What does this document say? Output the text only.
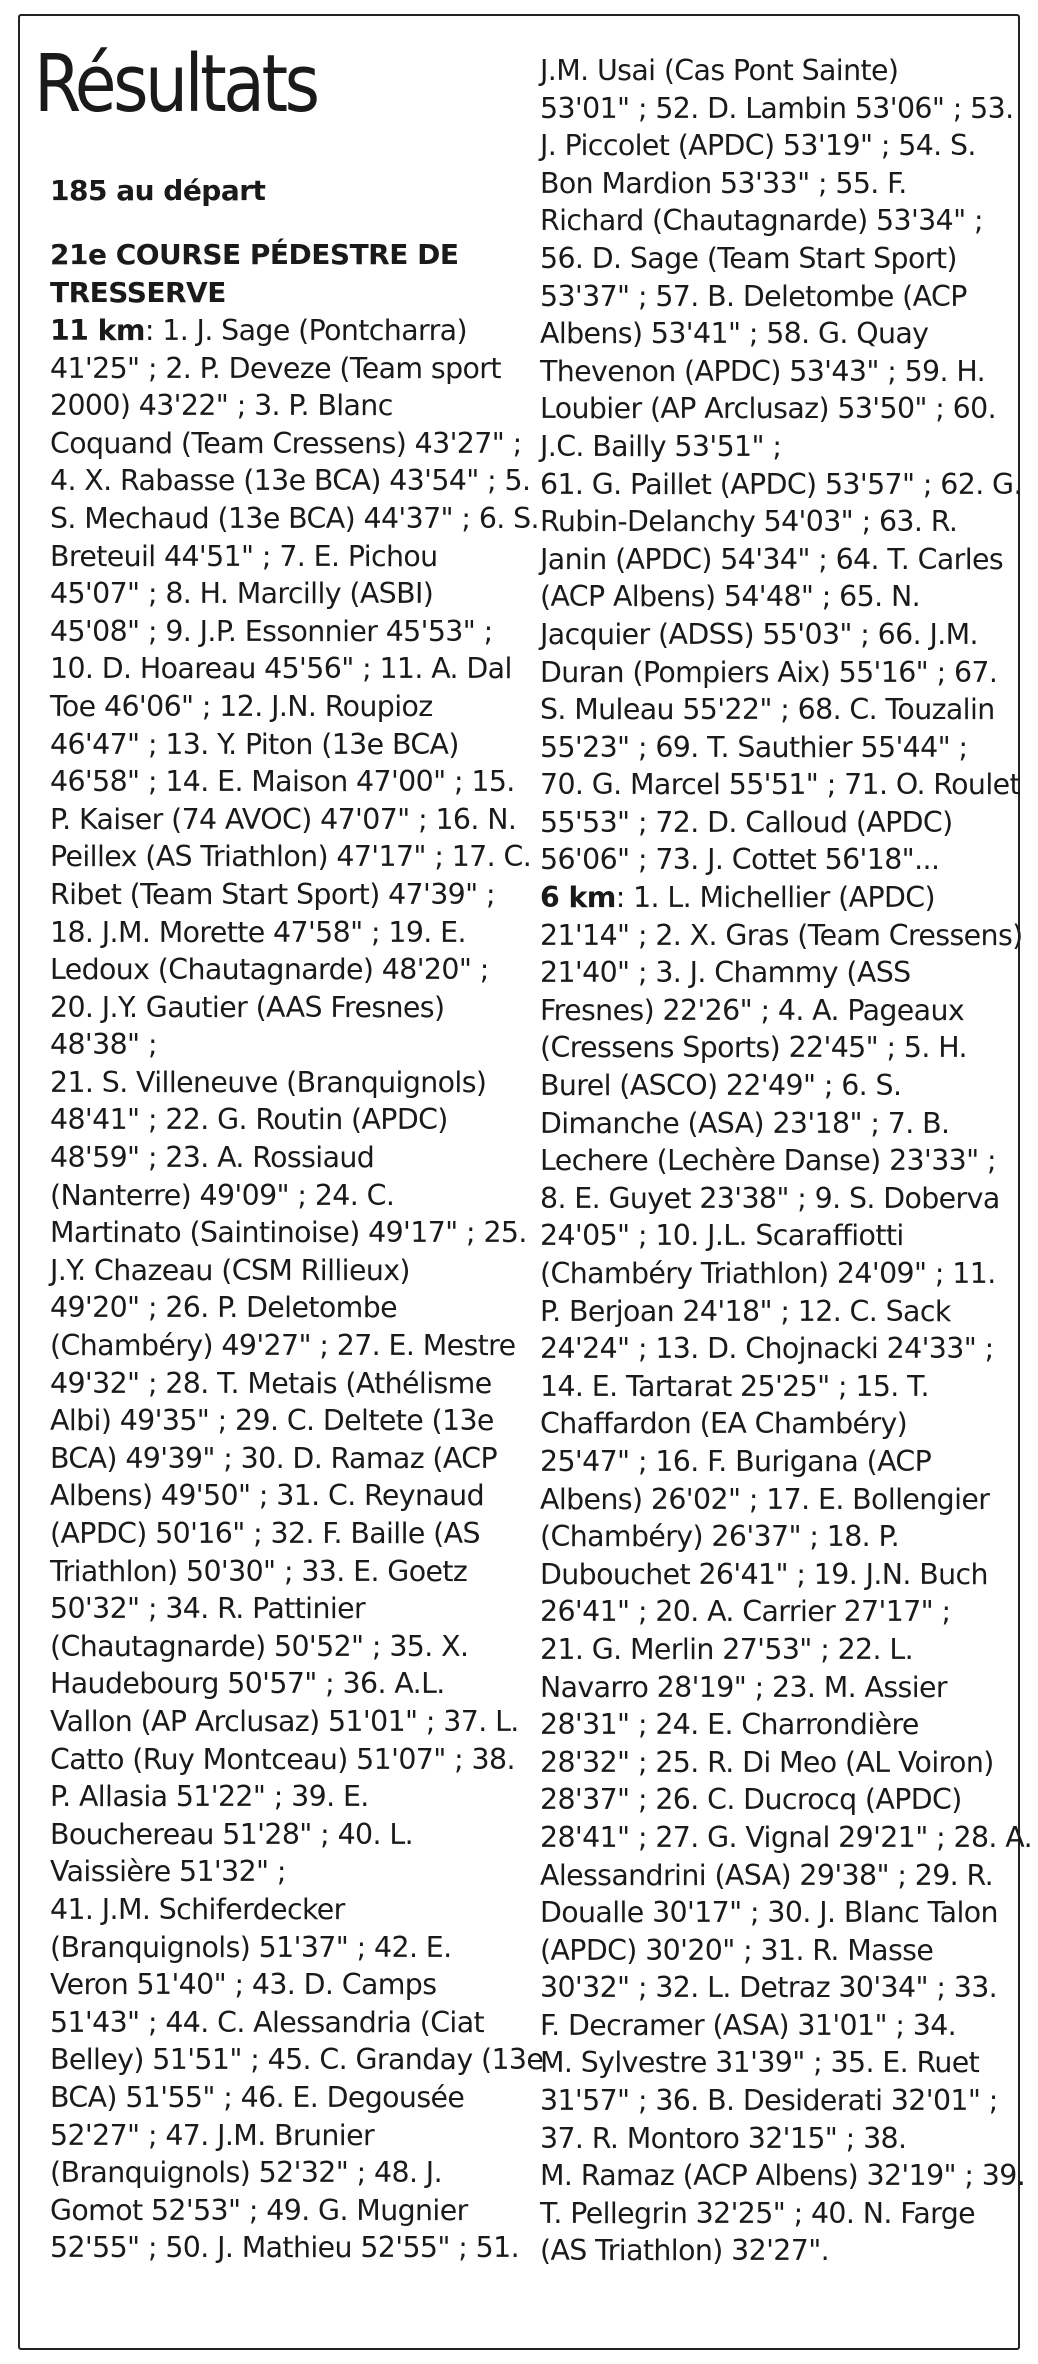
Résultats
185 au départ
21e COURSE PÉDESTRE DE
TRESSERVE
11 km: 1. J. Sage (Pontcharra)
41'25" ; 2. P. Deveze (Team sport
2000) 43'22" ; 3. P. Blanc
Coquand (Team Cressens) 43'27" ;
4. X. Rabasse (13e BCA) 43'54" ; 5.
S. Mechaud (13e BCA) 44'37" ; 6. S.
Breteuil 44'51" ; 7. E. Pichou
45'07" ; 8. H. Marcilly (ASBI)
45'08" ; 9. J.P. Essonnier 45'53" ;
10. D. Hoareau 45'56" ; 11. A. Dal
Toe 46'06" ; 12. J.N. Roupioz
46'47" ; 13. Y. Piton (13e BCA)
46'58" ; 14. E. Maison 47'00" ; 15.
P. Kaiser (74 AVOC) 47'07" ; 16. N.
Peillex (AS Triathlon) 47'17" ; 17. C.
Ribet (Team Start Sport) 47'39" ;
18. J.M. Morette 47'58" ; 19. E.
Ledoux (Chautagnarde) 48'20" ;
20. J.Y. Gautier (AAS Fresnes)
48'38" ;
21. S. Villeneuve (Branquignols)
48'41" ; 22. G. Routin (APDC)
48'59" ; 23. A. Rossiaud
(Nanterre) 49'09" ; 24. C.
Martinato (Saintinoise) 49'17" ; 25.
J.Y. Chazeau (CSM Rillieux)
49'20" ; 26. P. Deletombe
(Chambéry) 49'27" ; 27. E. Mestre
49'32" ; 28. T. Metais (Athélisme
Albi) 49'35" ; 29. C. Deltete (13e
BCA) 49'39" ; 30. D. Ramaz (ACP
Albens) 49'50" ; 31. C. Reynaud
(APDC) 50'16" ; 32. F. Baille (AS
Triathlon) 50'30" ; 33. E. Goetz
50'32" ; 34. R. Pattinier
(Chautagnarde) 50'52" ; 35. X.
Haudebourg 50'57" ; 36. A.L.
Vallon (AP Arclusaz) 51'01" ; 37. L.
Catto (Ruy Montceau) 51'07" ; 38.
P. Allasia 51'22" ; 39. E.
Bouchereau 51'28" ; 40. L.
Vaissière 51'32" ;
41. J.M. Schiferdecker
(Branquignols) 51'37" ; 42. E.
Veron 51'40" ; 43. D. Camps
51'43" ; 44. C. Alessandria (Ciat
Belley) 51'51" ; 45. C. Granday (13e
BCA) 51'55" ; 46. E. Degousée
52'27" ; 47. J.M. Brunier
(Branquignols) 52'32" ; 48. J.
Gomot 52'53" ; 49. G. Mugnier
52'55" ; 50. J. Mathieu 52'55" ; 51.
J.M. Usai (Cas Pont Sainte)
53'01" ; 52. D. Lambin 53'06" ; 53.
J. Piccolet (APDC) 53'19" ; 54. S.
Bon Mardion 53'33" ; 55. F.
Richard (Chautagnarde) 53'34" ;
56. D. Sage (Team Start Sport)
53'37" ; 57. B. Deletombe (ACP
Albens) 53'41" ; 58. G. Quay
Thevenon (APDC) 53'43" ; 59. H.
Loubier (AP Arclusaz) 53'50" ; 60.
J.C. Bailly 53'51" ;
61. G. Paillet (APDC) 53'57" ; 62. G.
Rubin-Delanchy 54'03" ; 63. R.
Janin (APDC) 54'34" ; 64. T. Carles
(ACP Albens) 54'48" ; 65. N.
Jacquier (ADSS) 55'03" ; 66. J.M.
Duran (Pompiers Aix) 55'16" ; 67.
S. Muleau 55'22" ; 68. C. Touzalin
55'23" ; 69. T. Sauthier 55'44" ;
70. G. Marcel 55'51" ; 71. O. Roulet
55'53" ; 72. D. Calloud (APDC)
56'06" ; 73. J. Cottet 56'18"...
6 km: 1. L. Michellier (APDC)
21'14" ; 2. X. Gras (Team Cressens)
21'40" ; 3. J. Chammy (ASS
Fresnes) 22'26" ; 4. A. Pageaux
(Cressens Sports) 22'45" ; 5. H.
Burel (ASCO) 22'49" ; 6. S.
Dimanche (ASA) 23'18" ; 7. B.
Lechere (Lechère Danse) 23'33" ;
8. E. Guyet 23'38" ; 9. S. Doberva
24'05" ; 10. J.L. Scaraffiotti
(Chambéry Triathlon) 24'09" ; 11.
P. Berjoan 24'18" ; 12. C. Sack
24'24" ; 13. D. Chojnacki 24'33" ;
14. E. Tartarat 25'25" ; 15. T.
Chaffardon (EA Chambéry)
25'47" ; 16. F. Burigana (ACP
Albens) 26'02" ; 17. E. Bollengier
(Chambéry) 26'37" ; 18. P.
Dubouchet 26'41" ; 19. J.N. Buch
26'41" ; 20. A. Carrier 27'17" ;
21. G. Merlin 27'53" ; 22. L.
Navarro 28'19" ; 23. M. Assier
28'31" ; 24. E. Charrondière
28'32" ; 25. R. Di Meo (AL Voiron)
28'37" ; 26. C. Ducrocq (APDC)
28'41" ; 27. G. Vignal 29'21" ; 28. A.
Alessandrini (ASA) 29'38" ; 29. R.
Doualle 30'17" ; 30. J. Blanc Talon
(APDC) 30'20" ; 31. R. Masse
30'32" ; 32. L. Detraz 30'34" ; 33.
F. Decramer (ASA) 31'01" ; 34.
M. Sylvestre 31'39" ; 35. E. Ruet
31'57" ; 36. B. Desiderati 32'01" ;
37. R. Montoro 32'15" ; 38.
M. Ramaz (ACP Albens) 32'19" ; 39.
T. Pellegrin 32'25" ; 40. N. Farge
(AS Triathlon) 32'27".
